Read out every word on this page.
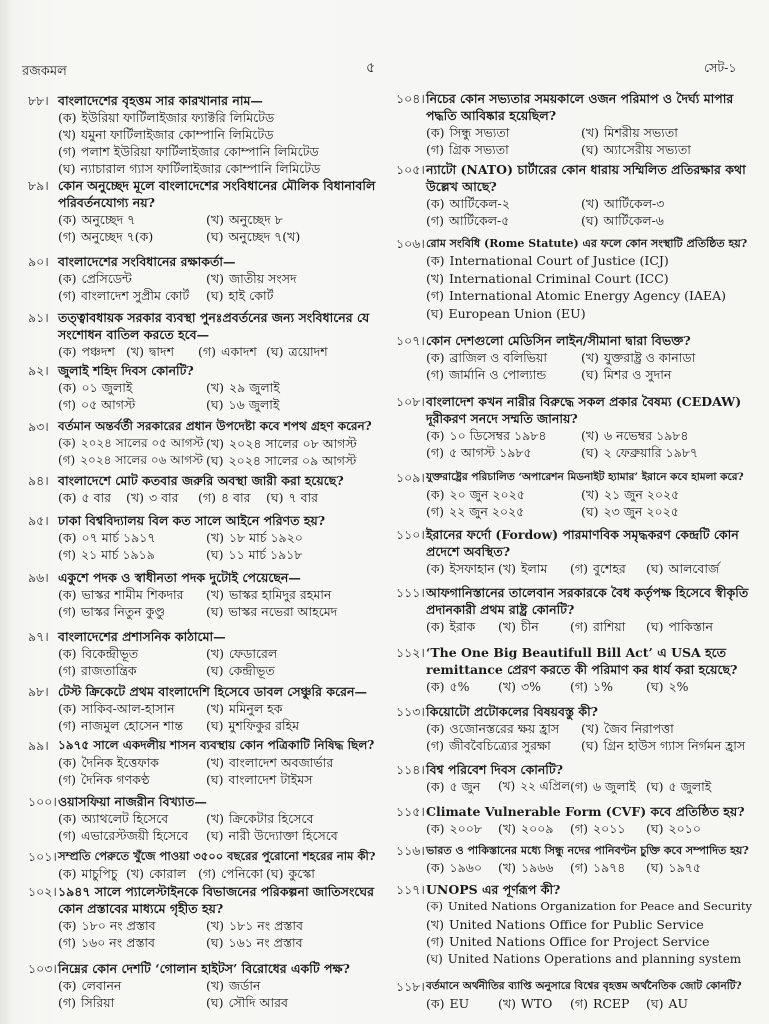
রজকমল	৫	সেট-১
৮৮। বাংলাদেশের বৃহত্তম সার কারখানার নাম—
(ক) ইউরিয়া ফার্টিলাইজার ফ্যাক্টরি লিমিটেড
(খ) যমুনা ফার্টিলাইজার কোম্পানি লিমিটেড
(গ) পলাশ ইউরিয়া ফার্টিলাইজার কোম্পানি লিমিটেড
(ঘ) ন্যাচারাল গ্যাস ফার্টিলাইজার কোম্পানি লিমিটেড
৮৯। কোন অনুচ্ছেদ মূলে বাংলাদেশের সংবিধানের মৌলিক বিধানাবলি পরিবর্তনযোগ্য নয়?
(ক) অনুচ্ছেদ ৭	(খ) অনুচ্ছেদ ৮
(গ) অনুচ্ছেদ ৭(ক)	(ঘ) অনুচ্ছেদ ৭(খ)
৯০। বাংলাদেশের সংবিধানের রক্ষাকর্তা—
(ক) প্রেসিডেন্ট	(খ) জাতীয় সংসদ
(গ) বাংলাদেশ সুপ্রীম কোর্ট	(ঘ) হাই কোর্ট
৯১। তত্ত্বাবধায়ক সরকার ব্যবস্থা পুনঃপ্রবর্তনের জন্য সংবিধানের যে সংশোধন বাতিল করতে হবে—
(ক) পঞ্চদশ (খ) দ্বাদশ	(গ) একাদশ (ঘ) ত্রয়োদশ
৯২। জুলাই শহিদ দিবস কোনটি?
(ক) ০১ জুলাই	(খ) ২৯ জুলাই
(গ) ০৫ আগস্ট	(ঘ) ১৬ জুলাই
৯৩। বর্তমান অন্তর্বর্তী সরকারের প্রধান উপদেষ্টা কবে শপথ গ্রহণ করেন?
(ক) ২০২৪ সালের ০৫ আগস্ট (খ) ২০২৪ সালের ০৮ আগস্ট
(গ) ২০২৪ সালের ০৬ আগস্ট (ঘ) ২০২৪ সালের ০৯ আগস্ট
৯৪। বাংলাদেশে মোট কতবার জরুরি অবস্থা জারী করা হয়েছে?
(ক) ৫ বার	(খ) ৩ বার	(গ) ৪ বার	(ঘ) ৭ বার
৯৫। ঢাকা বিশ্ববিদ্যালয় বিল কত সালে আইনে পরিণত হয়?
(ক) ০৭ মার্চ ১৯১৭	(খ) ১৮ মার্চ ১৯২০
(গ) ২১ মার্চ ১৯১৯	(ঘ) ১১ মার্চ ১৯১৮
৯৬। একুশে পদক ও স্বাধীনতা পদক দুটোই পেয়েছেন—
(ক) ভাস্কর শামীম শিকদার	(খ) ভাস্কর হামিদুর রহমান
(গ) ভাস্কর নিতুন কুণ্ডু	(ঘ) ভাস্কর নভেরা আহমেদ
৯৭। বাংলাদেশের প্রশাসনিক কাঠামো—
(ক) বিকেন্দ্রীভূত	(খ) ফেডারেল
(গ) রাজতান্ত্রিক	(ঘ) কেন্দ্রীভূত
৯৮। টেস্ট ক্রিকেটে প্রথম বাংলাদেশি হিসেবে ডাবল সেঞ্চুরি করেন—
(ক) সাকিব-আল-হাসান	(খ) মমিনুল হক
(গ) নাজমুল হোসেন শান্ত	(ঘ) মুশফিকুর রহিম
৯৯। ১৯৭৫ সালে একদলীয় শাসন ব্যবস্থায় কোন পত্রিকাটি নিষিদ্ধ ছিল?
(ক) দৈনিক ইত্তেফাক	(খ) বাংলাদেশ অবজার্ভার
(গ) দৈনিক গণকণ্ঠ	(ঘ) বাংলাদেশ টাইমস
১০০। ওয়াসফিয়া নাজরীন বিখ্যাত—
(ক) অ্যাথলেট হিসেবে	(খ) ক্রিকেটার হিসেবে
(গ) এভারেস্টজয়ী হিসেবে	(ঘ) নারী উদ্যোক্তা হিসেবে
১০১। সম্প্রতি পেরুতে খুঁজে পাওয়া ৩৫০০ বছরের পুরোনো শহরের নাম কী?
(ক) মাচুপিচু (খ) কোরাল (গ) পেনিকো (ঘ) কুস্কো
১০২। ১৯৪৭ সালে প্যালেস্টাইনকে বিভাজনের পরিকল্পনা জাতিসংঘের কোন প্রস্তাবের মাধ্যমে গৃহীত হয়?
(ক) ১৮০ নং প্রস্তাব	(খ) ১৮১ নং প্রস্তাব
(গ) ১৬০ নং প্রস্তাব	(ঘ) ১৬১ নং প্রস্তাব
১০৩। নিম্নের কোন দেশটি ‘গোলান হাইটস’ বিরোধের একটি পক্ষ?
(ক) লেবানন	(খ) জর্ডান
(গ) সিরিয়া	(ঘ) সৌদি আরব
১০৪। নিচের কোন সভ্যতার সময়কালে ওজন পরিমাপ ও দৈর্ঘ্য মাপার পদ্ধতি আবিষ্কার হয়েছিল?
(ক) সিন্ধু সভ্যতা	(খ) মিশরীয় সভ্যতা
(গ) গ্রিক সভ্যতা	(ঘ) অ্যাসেরীয় সভ্যতা
১০৫। ন্যাটো (NATO) চার্টারের কোন ধারায় সম্মিলিত প্রতিরক্ষার কথা উল্লেখ আছে?
(ক) আর্টিকেল-২	(খ) আর্টিকেল-৩
(গ) আর্টিকেল-৫	(ঘ) আর্টিকেল-৬
১০৬। রোম সংবিধি (Rome Statute) এর ফলে কোন সংস্থাটি প্রতিষ্ঠিত হয়?
(ক) International Court of Justice (ICJ)
(খ) International Criminal Court (ICC)
(গ) International Atomic Energy Agency (IAEA)
(ঘ) European Union (EU)
১০৭। কোন দেশগুলো মেডিসিন লাইন/সীমানা দ্বারা বিভক্ত?
(ক) ব্রাজিল ও বলিভিয়া	(খ) যুক্তরাষ্ট্র ও কানাডা
(গ) জার্মানি ও পোল্যান্ড	(ঘ) মিশর ও সুদান
১০৮। বাংলাদেশ কখন নারীর বিরুদ্ধে সকল প্রকার বৈষম্য (CEDAW) দূরীকরণ সনদে সম্মতি জানায়?
(ক) ১০ ডিসেম্বর ১৯৮৪	(খ) ৬ নভেম্বর ১৯৮৪
(গ) ৫ আগস্ট ১৯৮৫	(ঘ) ২ ফেব্রুয়ারি ১৯৮৭
১০৯। যুক্তরাষ্ট্রের পরিচালিত ‘অপারেশন মিডনাইট হ্যামার’ ইরানে কবে হামলা করে?
(ক) ২০ জুন ২০২৫	(খ) ২১ জুন ২০২৫
(গ) ২২ জুন ২০২৫	(ঘ) ২৩ জুন ২০২৫
১১০। ইরানের ফর্দো (Fordow) পারমাণবিক সমৃদ্ধকরণ কেন্দ্রটি কোন প্রদেশে অবস্থিত?
(ক) ইসফাহান (খ) ইলাম	(গ) বুশেহর	(ঘ) আলবোর্জ
১১১। আফগানিস্তানের তালেবান সরকারকে বৈধ কর্তৃপক্ষ হিসেবে স্বীকৃতি প্রদানকারী প্রথম রাষ্ট্র কোনটি?
(ক) ইরাক	(খ) চীন	(গ) রাশিয়া	(ঘ) পাকিস্তান
১১২। ‘The One Big Beautifull Bill Act’ এ USA হতে remittance প্রেরণ করতে কী পরিমাণ কর ধার্য করা হয়েছে?
(ক) ৫%	(খ) ৩%	(গ) ১%	(ঘ) ২%
১১৩। কিয়োটো প্রটোকলের বিষয়বস্তু কী?
(ক) ওজোনস্তরের ক্ষয় হ্রাস	(খ) জৈব নিরাপত্তা
(গ) জীববৈচিত্র্যের সুরক্ষা	(ঘ) গ্রিন হাউস গ্যাস নির্গমন হ্রাস
১১৪। বিশ্ব পরিবেশ দিবস কোনটি?
(ক) ৫ জুন	(খ) ২২ এপ্রিল (গ) ৬ জুলাই (ঘ) ৫ জুলাই
১১৫। Climate Vulnerable Form (CVF) কবে প্রতিষ্ঠিত হয়?
(ক) ২০০৮	(খ) ২০০৯	(গ) ২০১১	(ঘ) ২০১০
১১৬। ভারত ও পাকিস্তানের মধ্যে সিন্ধু নদের পানিবণ্টন চুক্তি কবে সম্পাদিত হয়?
(ক) ১৯৬০	(খ) ১৯৬৬	(গ) ১৯৭৪	(ঘ) ১৯৭৫
১১৭। UNOPS এর পূর্ণরূপ কী?
(ক) United Nations Organization for Peace and Security
(খ) United Nations Office for Public Service
(গ) United Nations Office for Project Service
(ঘ) United Nations Operations and planning system
১১৮। বর্তমানে অর্থনীতির ব্যাপ্তি অনুসারে বিশ্বের বৃহত্তম অর্থনৈতিক জোট কোনটি?
(ক) EU	(খ) WTO	(গ) RCEP	(ঘ) AU
